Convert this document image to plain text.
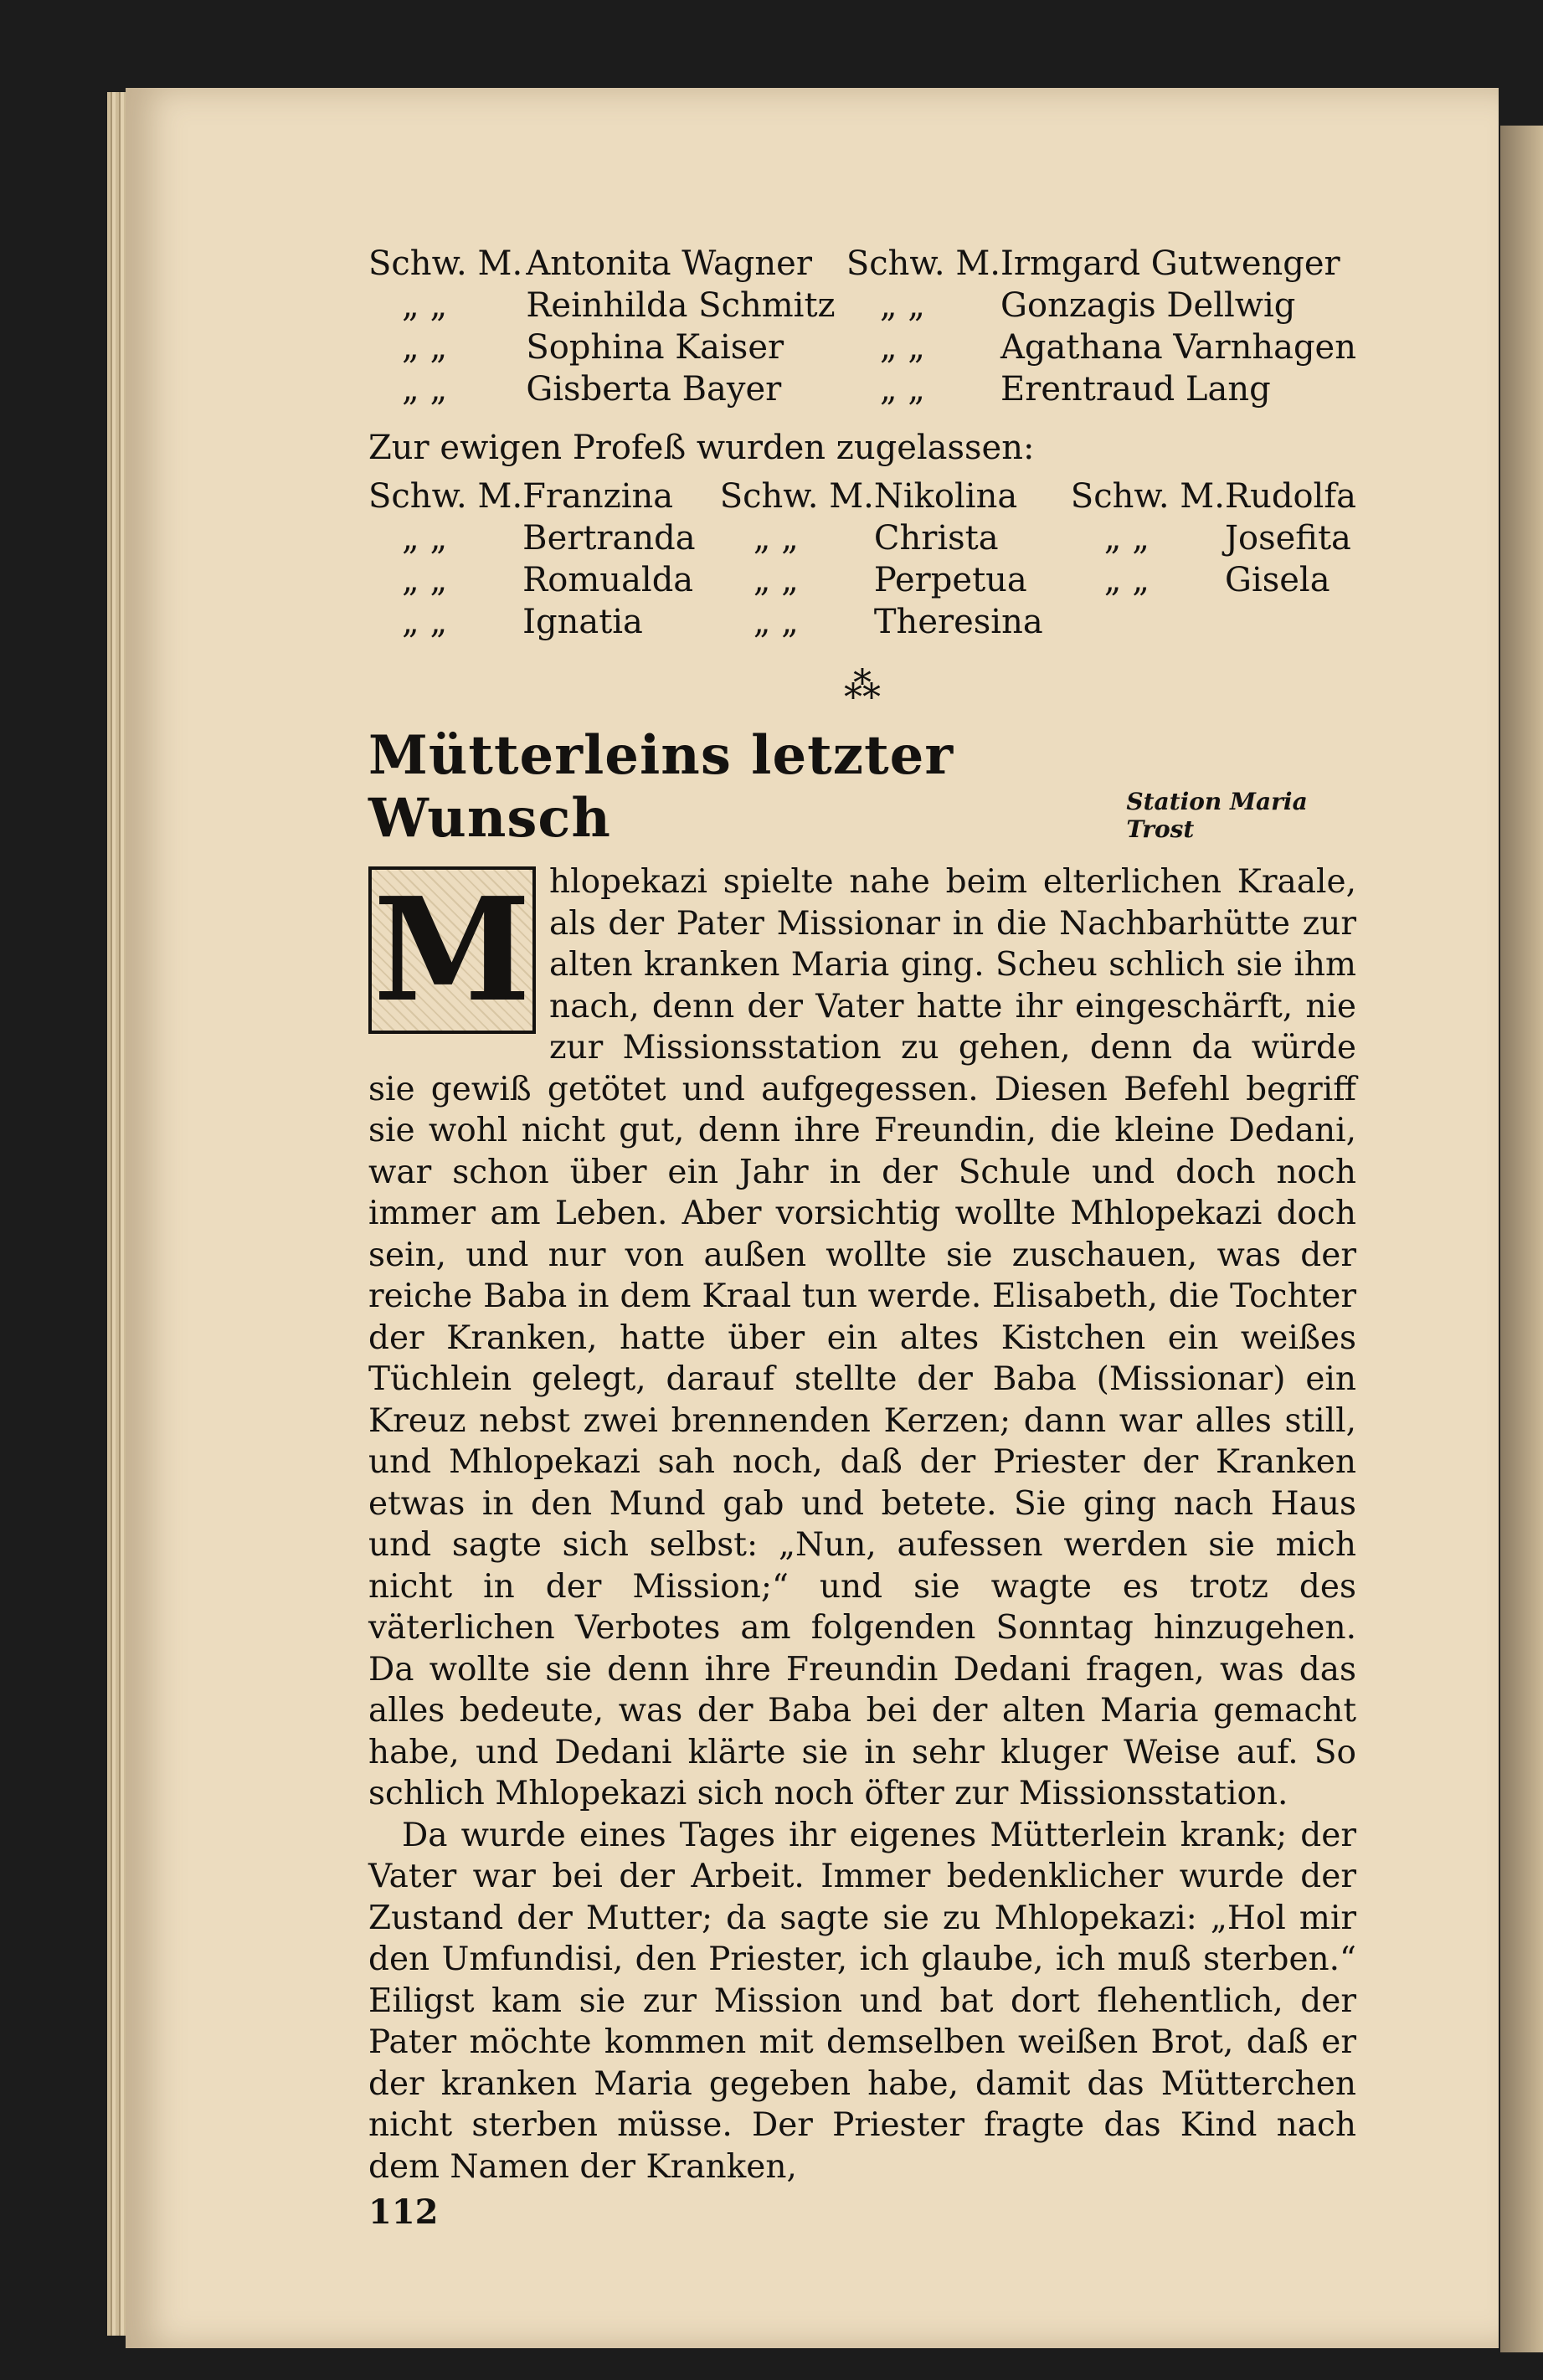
Schw. M.	Antonita Wagner	Schw. M.	Irmgard Gutwenger
„ „	Reinhilda Schmitz	„ „	Gonzagis Dellwig
„ „	Sophina Kaiser	„ „	Agathana Varnhagen
„ „	Gisberta Bayer	„ „	Erentraud Lang
Zur ewigen Profeß wurden zugelassen:
Schw. M.	Franzina	Schw. M.	Nikolina	Schw. M.	Rudolfa
„ „	Bertranda	„ „	Christa	„ „	Josefita
„ „	Romualda	„ „	Perpetua	„ „	Gisela
„ „	Ignatia	„ „	Theresina		
⁂
Mütterleins letzter Wunsch	Station Maria Trost
M hlopekazi spielte nahe beim elterlichen Kraale, als der Pater Missionar in die Nachbarhütte zur alten kranken Maria ging. Scheu schlich sie ihm nach, denn der Vater hatte ihr eingeschärft, nie zur Missionsstation zu gehen, denn da würde sie gewiß getötet und aufgegessen. Diesen Befehl begriff sie wohl nicht gut, denn ihre Freundin, die kleine Dedani, war schon über ein Jahr in der Schule und doch noch immer am Leben. Aber vorsichtig wollte Mhlopekazi doch sein, und nur von außen wollte sie zuschauen, was der reiche Baba in dem Kraal tun werde. Elisabeth, die Tochter der Kranken, hatte über ein altes Kistchen ein weißes Tüchlein gelegt, darauf stellte der Baba (Missionar) ein Kreuz nebst zwei brennenden Kerzen; dann war alles still, und Mhlopekazi sah noch, daß der Priester der Kranken etwas in den Mund gab und betete. Sie ging nach Haus und sagte sich selbst: „Nun, aufessen werden sie mich nicht in der Mission;“ und sie wagte es trotz des väterlichen Verbotes am folgenden Sonntag hinzugehen. Da wollte sie denn ihre Freundin Dedani fragen, was das alles bedeute, was der Baba bei der alten Maria gemacht habe, und Dedani klärte sie in sehr kluger Weise auf. So schlich Mhlopekazi sich noch öfter zur Missionsstation.
Da wurde eines Tages ihr eigenes Mütterlein krank; der Vater war bei der Arbeit. Immer bedenklicher wurde der Zustand der Mutter; da sagte sie zu Mhlopekazi: „Hol mir den Umfundisi, den Priester, ich glaube, ich muß sterben.“ Eiligst kam sie zur Mission und bat dort flehentlich, der Pater möchte kommen mit demselben weißen Brot, daß er der kranken Maria gegeben habe, damit das Mütterchen nicht sterben müsse. Der Priester fragte das Kind nach dem Namen der Kranken,
112
